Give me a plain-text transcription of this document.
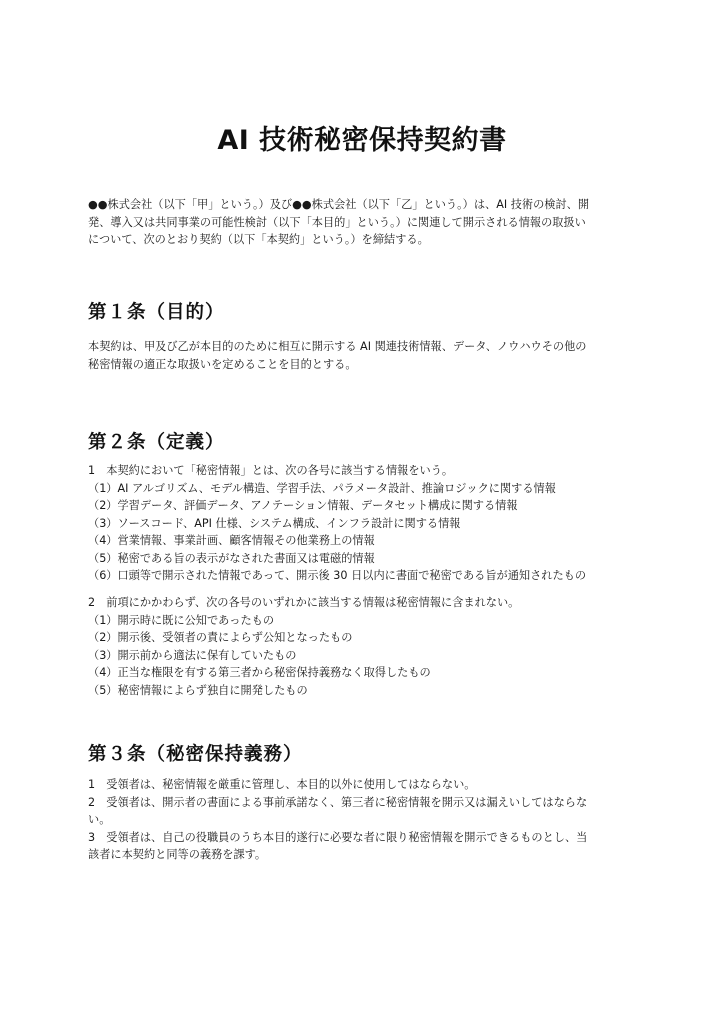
AI 技術秘密保持契約書
●●株式会社（以下「甲」という。）及び●●株式会社（以下「乙」という。）は、AI 技術の検討、開
発、導入又は共同事業の可能性検討（以下「本目的」という。）に関連して開示される情報の取扱い
について、次のとおり契約（以下「本契約」という。）を締結する。
第１条（目的）
本契約は、甲及び乙が本目的のために相互に開示する AI 関連技術情報、データ、ノウハウその他の
秘密情報の適正な取扱いを定めることを目的とする。
第２条（定義）
1　本契約において「秘密情報」とは、次の各号に該当する情報をいう。
（1）AI アルゴリズム、モデル構造、学習手法、パラメータ設計、推論ロジックに関する情報
（2）学習データ、評価データ、アノテーション情報、データセット構成に関する情報
（3）ソースコード、API 仕様、システム構成、インフラ設計に関する情報
（4）営業情報、事業計画、顧客情報その他業務上の情報
（5）秘密である旨の表示がなされた書面又は電磁的情報
（6）口頭等で開示された情報であって、開示後 30 日以内に書面で秘密である旨が通知されたもの
2　前項にかかわらず、次の各号のいずれかに該当する情報は秘密情報に含まれない。
（1）開示時に既に公知であったもの
（2）開示後、受領者の責によらず公知となったもの
（3）開示前から適法に保有していたもの
（4）正当な権限を有する第三者から秘密保持義務なく取得したもの
（5）秘密情報によらず独自に開発したもの
第３条（秘密保持義務）
1　受領者は、秘密情報を厳重に管理し、本目的以外に使用してはならない。
2　受領者は、開示者の書面による事前承諾なく、第三者に秘密情報を開示又は漏えいしてはならな
い。
3　受領者は、自己の役職員のうち本目的遂行に必要な者に限り秘密情報を開示できるものとし、当
該者に本契約と同等の義務を課す。
